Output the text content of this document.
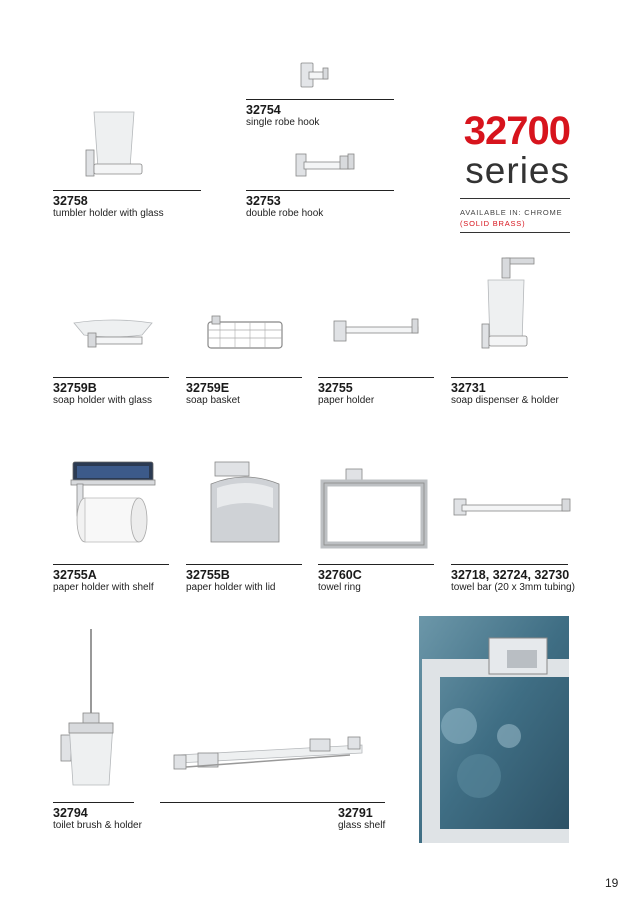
32700
series
AVAILABLE IN: CHROME
(SOLID BRASS)
32754
single robe hook
32758
tumbler holder with glass
32753
double robe hook
32759B
soap holder with glass
32759E
soap basket
32755
paper holder
32731
soap dispenser & holder
32755A
paper holder with shelf
32755B
paper holder with lid
32760C
towel ring
32718, 32724, 32730
towel bar (20 x 3mm tubing)
32794
toilet brush & holder
32791
glass shelf
19
